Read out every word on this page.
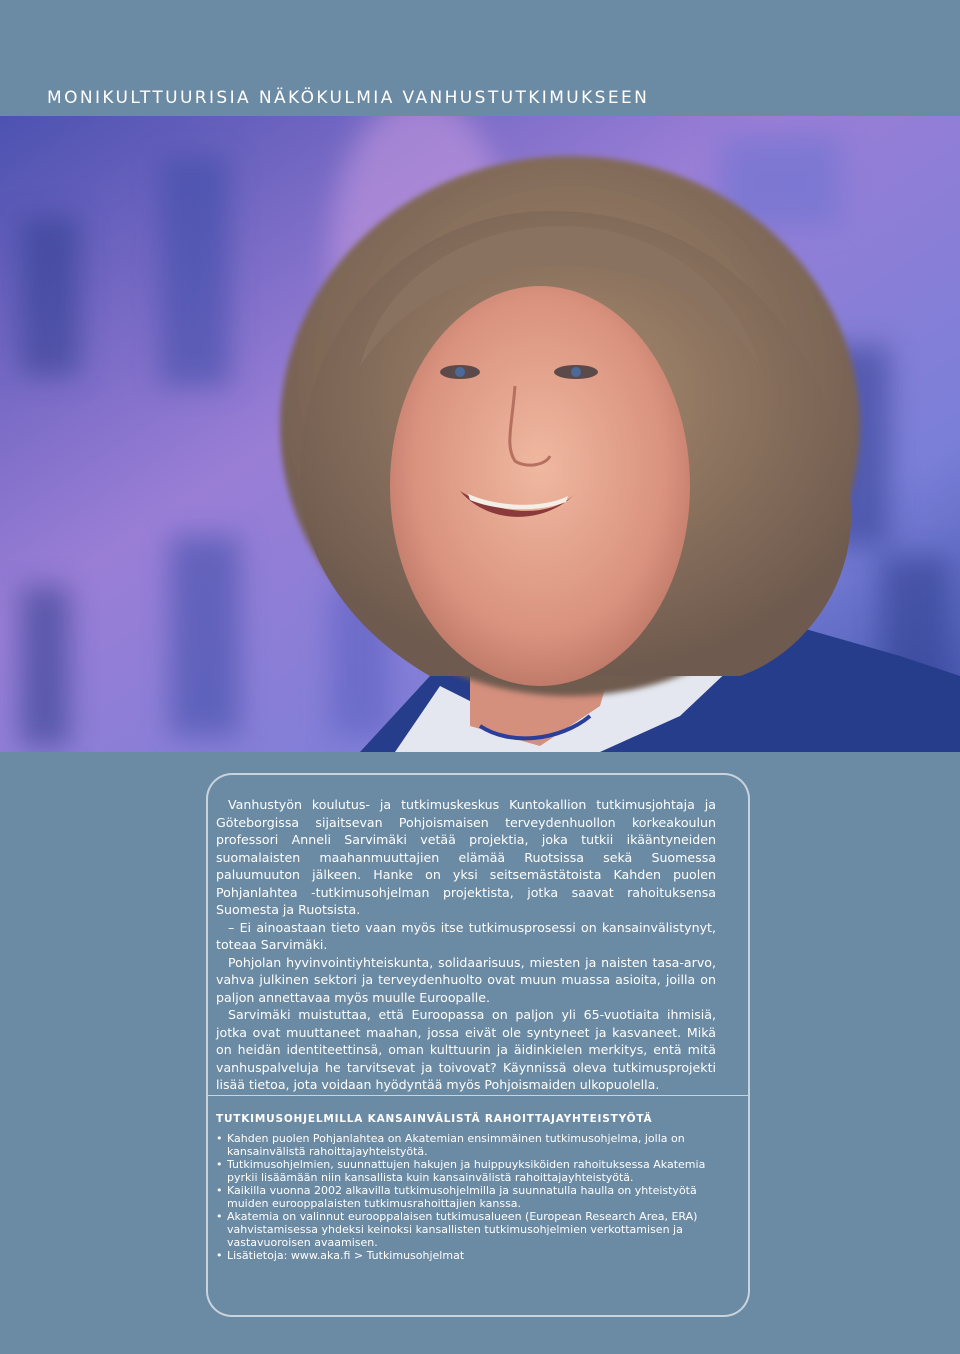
MONIKULTTUURISIA NÄKÖKULMIA VANHUSTUTKIMUKSEEN

Vanhustyön koulutus- ja tutkimuskeskus Kuntokallion tutkimusjohtaja ja Göteborgissa sijaitsevan Pohjoismaisen terveydenhuollon korkeakoulun professori Anneli Sarvimäki vetää projektia, joka tutkii ikääntyneiden suomalaisten maahanmuuttajien elämää Ruotsissa sekä Suomessa paluumuuton jälkeen. Hanke on yksi seitsemästätoista Kahden puolen Pohjanlahtea -tutkimusohjelman projektista, jotka saavat rahoituksensa Suomesta ja Ruotsista.

– Ei ainoastaan tieto vaan myös itse tutkimusprosessi on kansainvälistynyt, toteaa Sarvimäki.

Pohjolan hyvinvointiyhteiskunta, solidaarisuus, miesten ja naisten tasa-arvo, vahva julkinen sektori ja terveydenhuolto ovat muun muassa asioita, joilla on paljon annettavaa myös muulle Euroopalle.

Sarvimäki muistuttaa, että Euroopassa on paljon yli 65-vuotiaita ihmisiä, jotka ovat muuttaneet maahan, jossa eivät ole syntyneet ja kasvaneet. Mikä on heidän identiteettinsä, oman kulttuurin ja äidinkielen merkitys, entä mitä vanhuspalveluja he tarvitsevat ja toivovat? Käynnissä oleva tutkimusprojekti lisää tietoa, jota voidaan hyödyntää myös Pohjoismaiden ulkopuolella.

TUTKIMUSOHJELMILLA KANSAINVÄLISTÄ RAHOITTAJAYHTEISTYÖTÄ
• Kahden puolen Pohjanlahtea on Akatemian ensimmäinen tutkimusohjelma, jolla on kansainvälistä rahoittajayhteistyötä.
• Tutkimusohjelmien, suunnattujen hakujen ja huippuyksiköiden rahoituksessa Akatemia pyrkii lisäämään niin kansallista kuin kansainvälistä rahoittajayhteistyötä.
• Kaikilla vuonna 2002 alkavilla tutkimusohjelmilla ja suunnatulla haulla on yhteistyötä muiden eurooppalaisten tutkimusrahoittajien kanssa.
• Akatemia on valinnut eurooppalaisen tutkimusalueen (European Research Area, ERA) vahvistamisessa yhdeksi keinoksi kansallisten tutkimusohjelmien verkottamisen ja vastavuoroisen avaamisen.
• Lisätietoja: www.aka.fi > Tutkimusohjelmat
